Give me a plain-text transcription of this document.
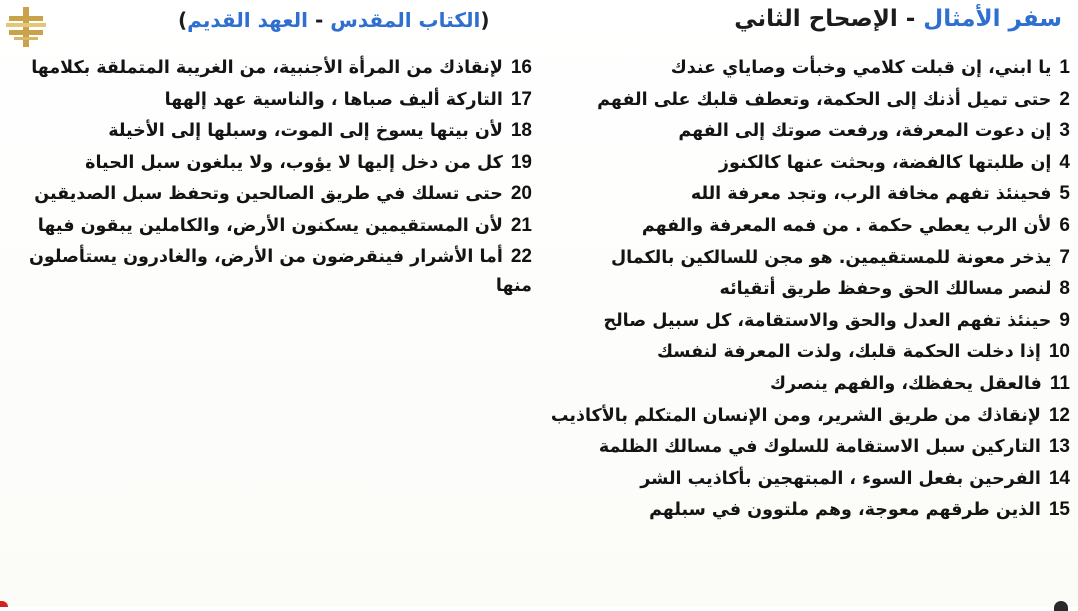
(الكتاب المقدس - العهد القديم)	سفر الأمثال - الإصحاح الثاني
1يا ابني، إن قبلت كلامي وخبأت وصاياي عندك
2حتى تميل أذنك إلى الحكمة، وتعطف قلبك على الفهم
3إن دعوت المعرفة، ورفعت صوتك إلى الفهم
4إن طلبتها كالفضة، وبحثت عنها كالكنوز
5فحينئذ تفهم مخافة الرب، وتجد معرفة الله
6لأن الرب يعطي حكمة . من فمه المعرفة والفهم
7يذخر معونة للمستقيمين. هو مجن للسالكين بالكمال
8لنصر مسالك الحق وحفظ طريق أتقيائه
9حينئذ تفهم العدل والحق والاستقامة، كل سبيل صالح
10إذا دخلت الحكمة قلبك، ولذت المعرفة لنفسك
11فالعقل يحفظك، والفهم ينصرك
12لإنقاذك من طريق الشرير، ومن الإنسان المتكلم بالأكاذيب
13التاركين سبل الاستقامة للسلوك في مسالك الظلمة
14الفرحين بفعل السوء ، المبتهجين بأكاذيب الشر
15الذين طرقهم معوجة، وهم ملتوون في سبلهم
16لإنقاذك من المرأة الأجنبية، من الغريبة المتملقة بكلامها
17التاركة أليف صباها ، والناسية عهد إلهها
18لأن بيتها يسوخ إلى الموت، وسبلها إلى الأخيلة
19كل من دخل إليها لا يؤوب، ولا يبلغون سبل الحياة
20حتى تسلك في طريق الصالحين وتحفظ سبل الصديقين
21لأن المستقيمين يسكنون الأرض، والكاملين يبقون فيها
22أما الأشرار فينقرضون من الأرض، والغادرون يستأصلون منها
